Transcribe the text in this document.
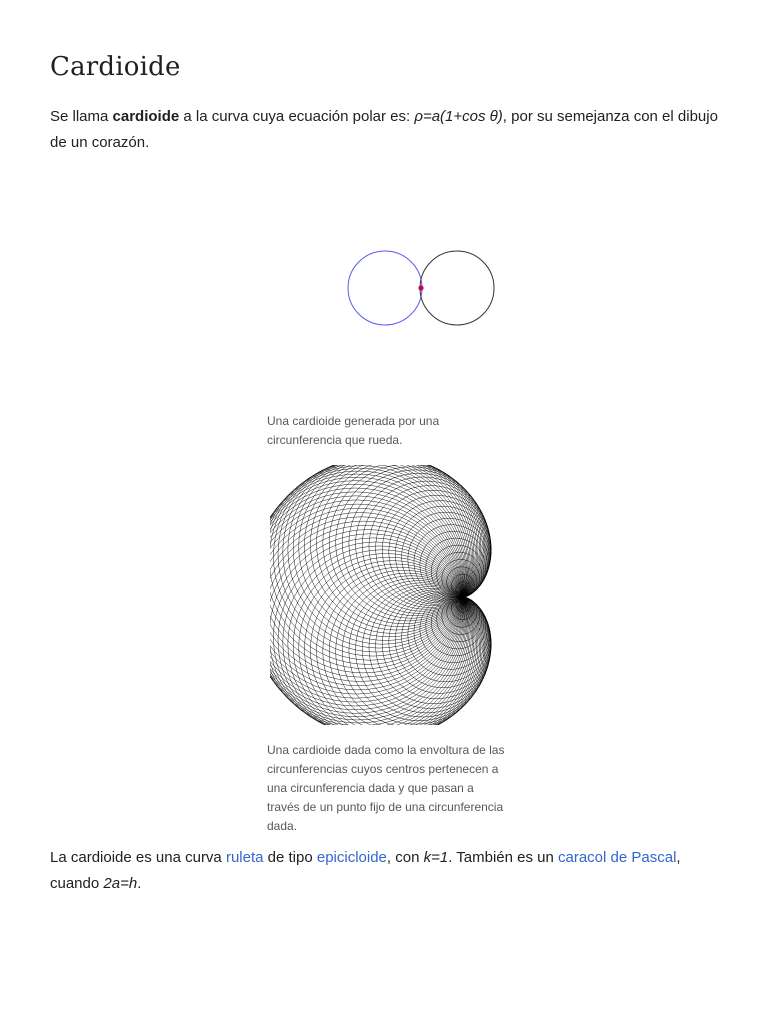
Cardioide

Se llama cardioide a la curva cuya ecuación polar es: ρ=a(1+cos θ), por su semejanza con el dibujo de un corazón.

Una cardioide generada por una circunferencia que rueda.

Una cardioide dada como la envoltura de las circunferencias cuyos centros pertenecen a una circunferencia dada y que pasan a través de un punto fijo de una circunferencia dada.

La cardioide es una curva ruleta de tipo epicicloide, con k=1. También es un caracol de Pascal, cuando 2a=h.
